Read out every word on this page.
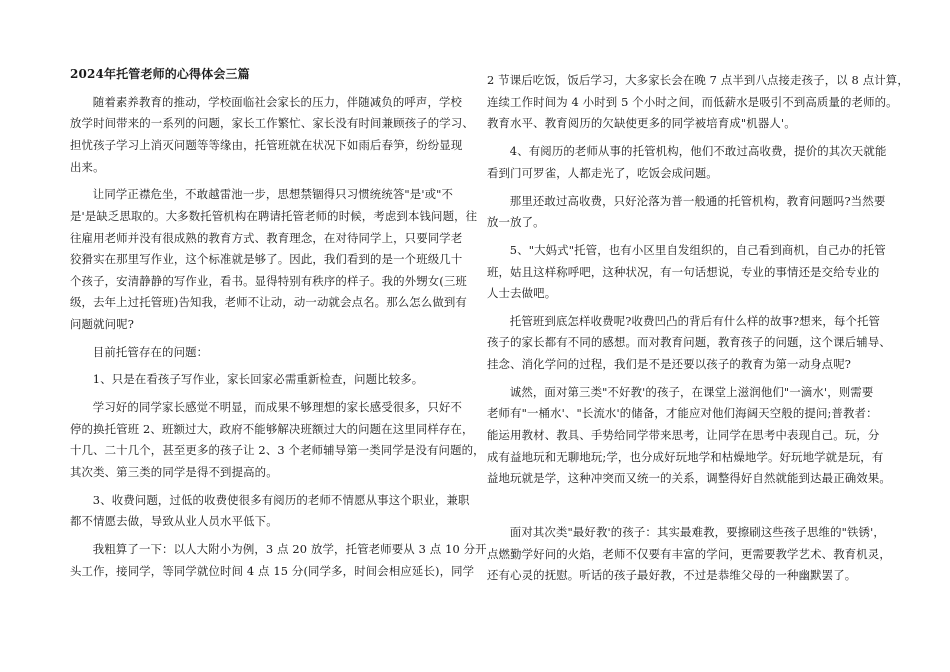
2024年托管老师的心得体会三篇
随着素养教育的推动，学校面临社会家长的压力，伴随减负的呼声，学校
放学时间带来的一系列的问题，家长工作繁忙、家长没有时间兼顾孩子的学习、
担忧孩子学习上消灭问题等等缘由，托管班就在状况下如雨后春笋，纷纷显现
出来。
让同学正襟危坐，不敢越雷池一步，思想禁锢得只习惯统统答"是'或"不
是'是缺乏思取的。大多数托管机构在聘请托管老师的时候，考虑到本钱问题，往
往雇用老师并没有很成熟的教育方式、教育理念，在对待同学上，只要同学老
狡猾实在那里写作业，这个标准就是够了。因此，我们看到的是一个班级几十
个孩子，安清静静的写作业，看书。显得特别有秩序的样子。我的外甥女(三班
级，去年上过托管班)告知我，老师不让动，动一动就会点名。那么怎么做到有
问题就问呢?
目前托管存在的问题：
1、只是在看孩子写作业，家长回家必需重新检查，问题比较多。
学习好的同学家长感觉不明显，而成果不够理想的家长感受很多，只好不
停的换托管班 2、班额过大，政府不能够解决班额过大的问题在这里同样存在，
十几、二十几个，甚至更多的孩子让 2、3 个老师辅导第一类同学是没有问题的，
其次类、第三类的同学是得不到提高的。
3、收费问题，过低的收费使很多有阅历的老师不情愿从事这个职业，兼职
都不情愿去做，导致从业人员水平低下。
我粗算了一下：以人大附小为例，3 点 20 放学，托管老师要从 3 点 10 分开
头工作，接同学，等同学就位时间 4 点 15 分(同学多，时间会相应延长)，同学
2 节课后吃饭，饭后学习，大多家长会在晚 7 点半到八点接走孩子，以 8 点计算，
连续工作时间为 4 小时到 5 个小时之间，而低薪水是吸引不到高质量的老师的。
教育水平、教育阅历的欠缺使更多的同学被培育成"机器人'。
4、有阅历的老师从事的托管机构，他们不敢过高收费，提价的其次天就能
看到门可罗雀，人都走光了，吃饭会成问题。
那里还敢过高收费，只好沦落为普一般通的托管机构，教育问题吗?当然要
放一放了。
5、"大妈式"托管，也有小区里自发组织的，自己看到商机，自己办的托管
班，姑且这样称呼吧，这种状况，有一句话想说，专业的事情还是交给专业的
人士去做吧。
托管班到底怎样收费呢?收费凹凸的背后有什么样的故事?想来，每个托管
孩子的家长都有不同的感想。而对教育问题，教育孩子的问题，这个课后辅导、
挂念、消化学问的过程，我们是不是还要以孩子的教育为第一动身点呢?
诚然，面对第三类"不好教'的孩子，在课堂上滋润他们"一滴水'，则需要
老师有"一桶水'、"长流水'的储备，才能应对他们海阔天空般的提问;普教者：
能运用教材、教具、手势给同学带来思考，让同学在思考中表现自己。玩，分
成有益地玩和无聊地玩;学，也分成好玩地学和枯燥地学。好玩地学就是玩，有
益地玩就是学，这种冲突而又统一的关系，调整得好自然就能到达最正确效果。
面对其次类"最好教'的孩子：其实最难教，要擦刷这些孩子思维的"铁锈'，
点燃勤学好问的火焰，老师不仅要有丰富的学问，更需要教学艺术、教育机灵，
还有心灵的抚慰。听话的孩子最好教，不过是恭维父母的一种幽默罢了。
